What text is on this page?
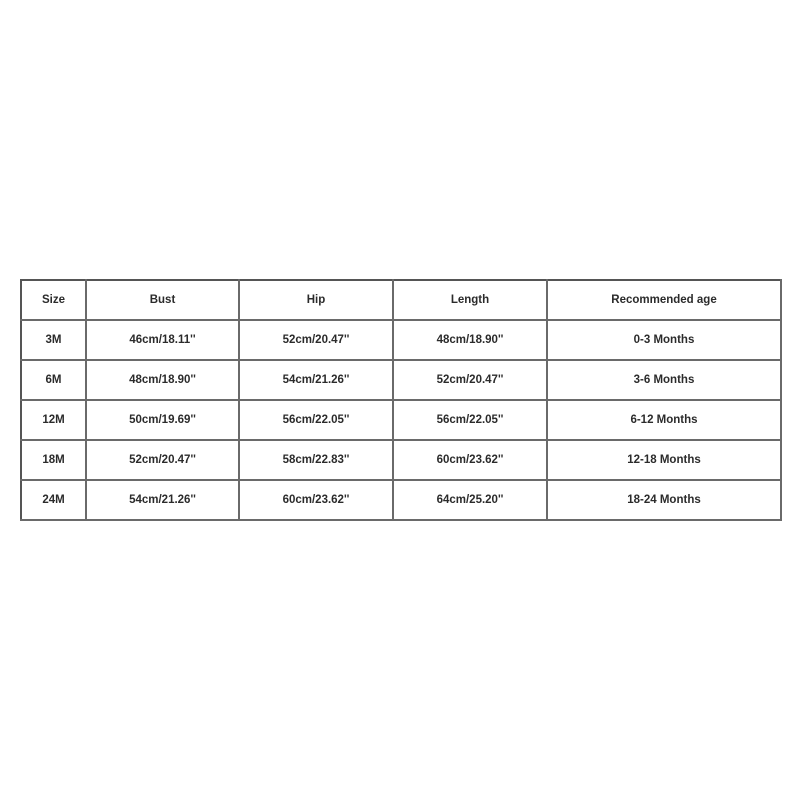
Size	Bust	Hip	Length	Recommended age
3M	46cm/18.11''	52cm/20.47''	48cm/18.90''	0-3 Months
6M	48cm/18.90''	54cm/21.26''	52cm/20.47''	3-6 Months
12M	50cm/19.69''	56cm/22.05''	56cm/22.05''	6-12 Months
18M	52cm/20.47''	58cm/22.83''	60cm/23.62''	12-18 Months
24M	54cm/21.26''	60cm/23.62''	64cm/25.20''	18-24 Months
